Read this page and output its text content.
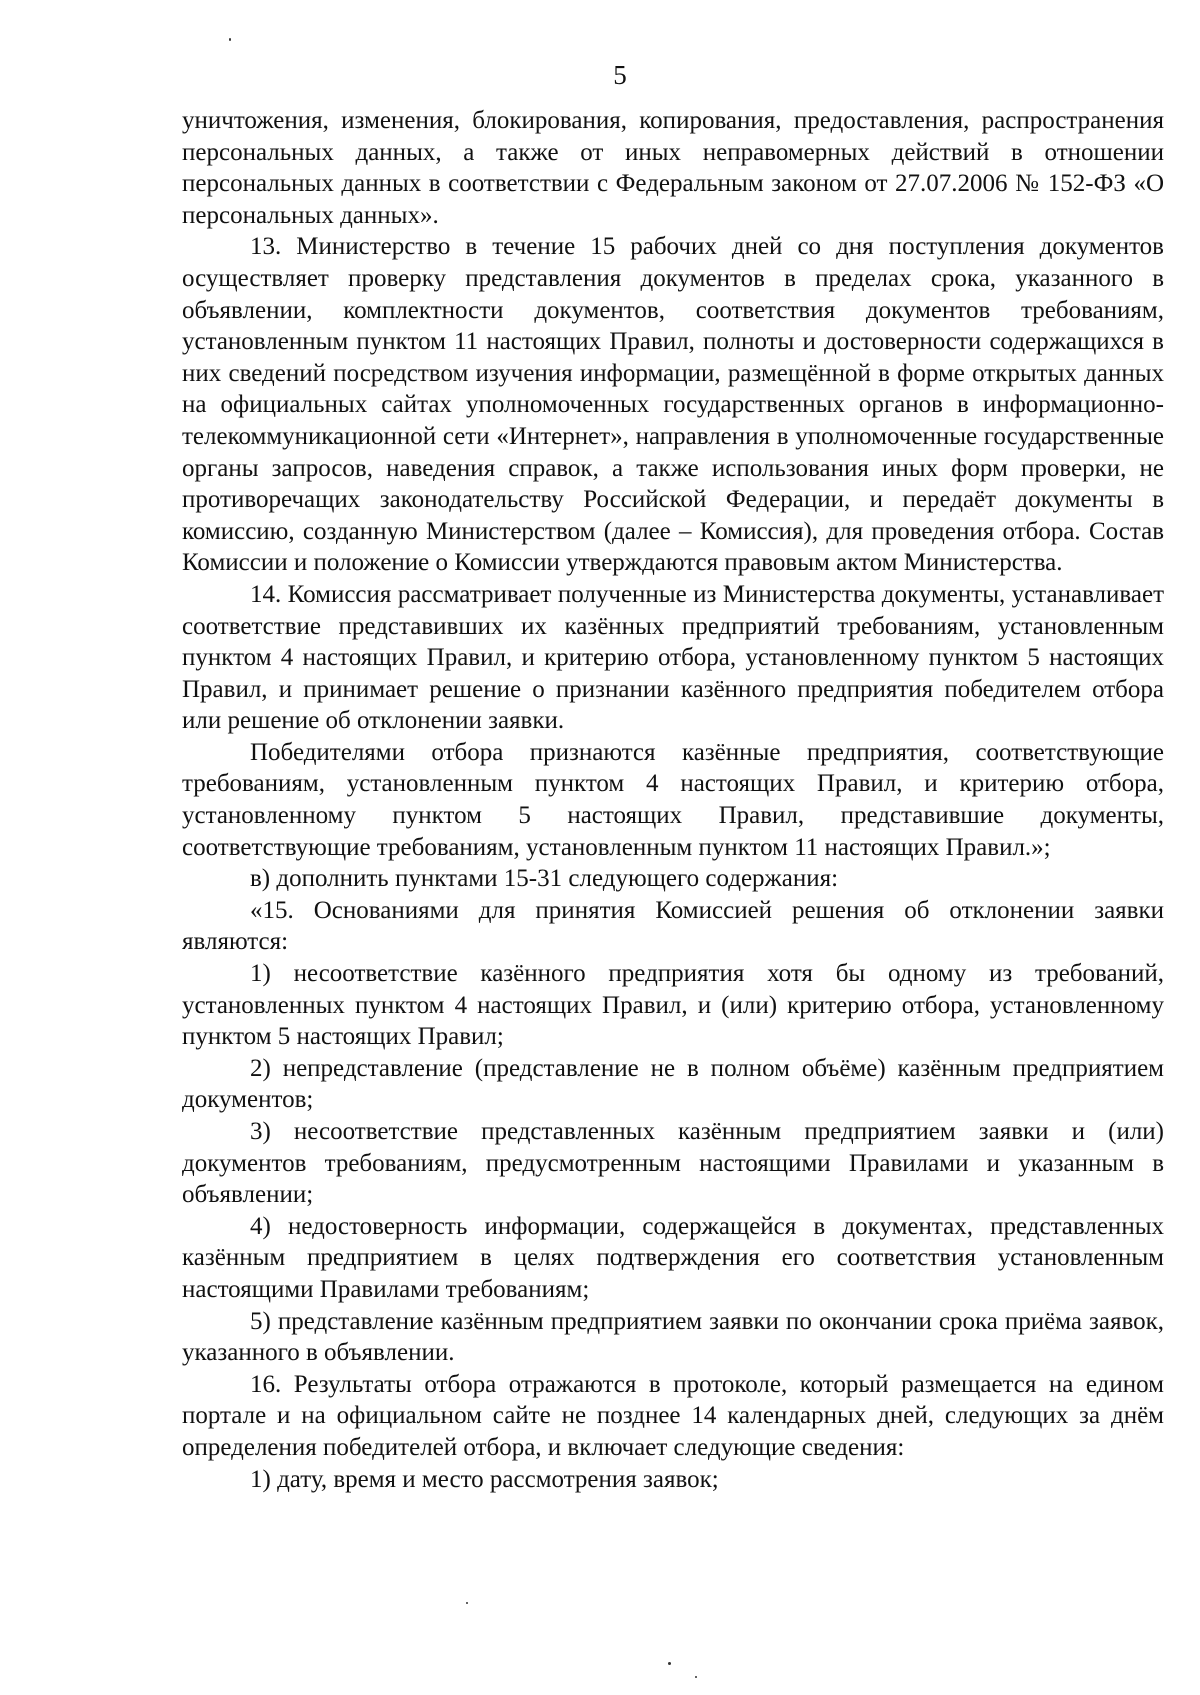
5

уничтожения, изменения, блокирования, копирования, предоставления, распространения персональных данных, а также от иных неправомерных действий в отношении персональных данных в соответствии с Федеральным законом от 27.07.2006 № 152-ФЗ «О персональных данных».

13. Министерство в течение 15 рабочих дней со дня поступления документов осуществляет проверку представления документов в пределах срока, указанного в объявлении, комплектности документов, соответствия документов требованиям, установленным пунктом 11 настоящих Правил, полноты и достоверности содержащихся в них сведений посредством изучения информации, размещённой в форме открытых данных на официальных сайтах уполномоченных государственных органов в информационно-телекоммуникационной сети «Интернет», направления в уполномоченные государственные органы запросов, наведения справок, а также использования иных форм проверки, не противоречащих законодательству Российской Федерации, и передаёт документы в комиссию, созданную Министерством (далее – Комиссия), для проведения отбора. Состав Комиссии и положение о Комиссии утверждаются правовым актом Министерства.

14. Комиссия рассматривает полученные из Министерства документы, устанавливает соответствие представивших их казённых предприятий требованиям, установленным пунктом 4 настоящих Правил, и критерию отбора, установленному пунктом 5 настоящих Правил, и принимает решение о признании казённого предприятия победителем отбора или решение об отклонении заявки.

Победителями отбора признаются казённые предприятия, соответствующие требованиям, установленным пунктом 4 настоящих Правил, и критерию отбора, установленному пунктом 5 настоящих Правил, представившие документы, соответствующие требованиям, установленным пунктом 11 настоящих Правил.»;

в) дополнить пунктами 15-31 следующего содержания:

«15. Основаниями для принятия Комиссией решения об отклонении заявки являются:

1) несоответствие казённого предприятия хотя бы одному из требований, установленных пунктом 4 настоящих Правил, и (или) критерию отбора, установленному пунктом 5 настоящих Правил;

2) непредставление (представление не в полном объёме) казённым предприятием документов;

3) несоответствие представленных казённым предприятием заявки и (или) документов требованиям, предусмотренным настоящими Правилами и указанным в объявлении;

4) недостоверность информации, содержащейся в документах, представленных казённым предприятием в целях подтверждения его соответствия установленным настоящими Правилами требованиям;

5) представление казённым предприятием заявки по окончании срока приёма заявок, указанного в объявлении.

16. Результаты отбора отражаются в протоколе, который размещается на едином портале и на официальном сайте не позднее 14 календарных дней, следующих за днём определения победителей отбора, и включает следующие сведения:

1) дату, время и место рассмотрения заявок;
